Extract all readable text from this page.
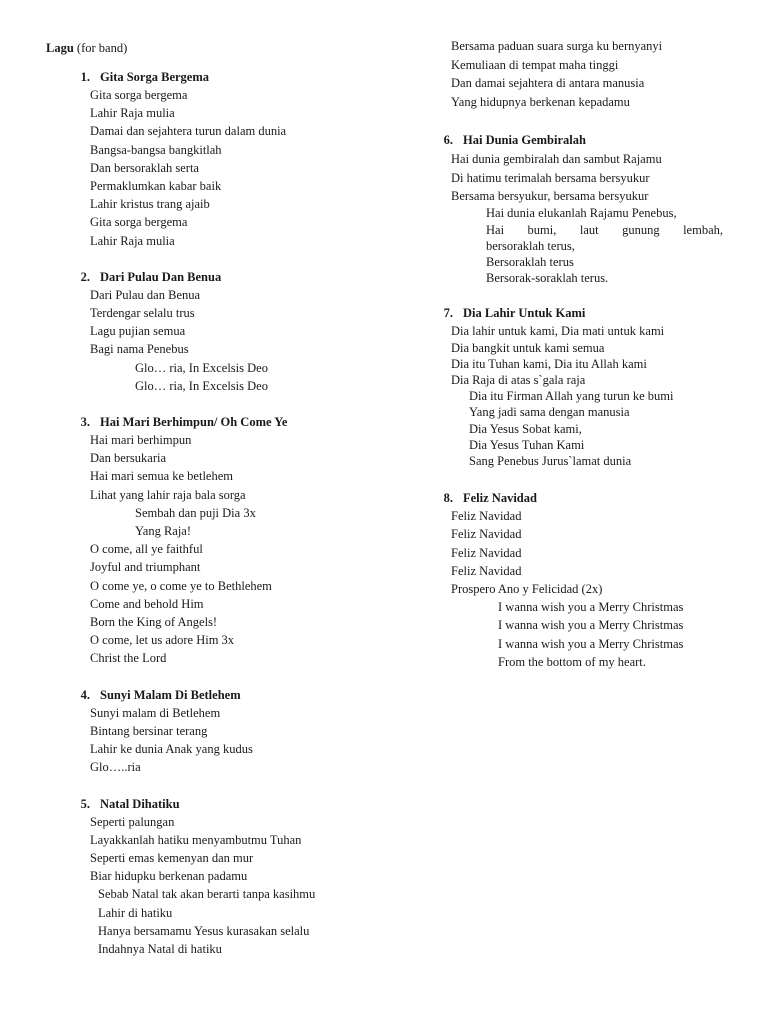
Lagu (for band)
1. Gita Sorga Bergema
Gita sorga bergema
Lahir Raja mulia
Damai dan sejahtera turun dalam dunia
Bangsa-bangsa bangkitlah
Dan bersoraklah serta
Permaklumkan kabar baik
Lahir kristus trang ajaib
Gita sorga bergema
Lahir Raja mulia
2. Dari Pulau Dan Benua
Dari Pulau dan Benua
Terdengar selalu trus
Lagu pujian semua
Bagi nama Penebus
Glo… ria, In Excelsis Deo
Glo… ria, In Excelsis Deo
3. Hai Mari Berhimpun/ Oh Come Ye
Hai mari berhimpun
Dan bersukaria
Hai mari semua ke betlehem
Lihat yang lahir raja bala sorga
Sembah dan puji Dia 3x
Yang Raja!
O come, all ye faithful
Joyful and triumphant
O come ye, o come ye to Bethlehem
Come and behold Him
Born the King of Angels!
O come, let us adore Him 3x
Christ the Lord
4. Sunyi Malam Di Betlehem
Sunyi malam di Betlehem
Bintang bersinar terang
Lahir ke dunia Anak yang kudus
Glo…..ria
5. Natal Dihatiku
Seperti palungan
Layakkanlah hatiku menyambutmu Tuhan
Seperti emas kemenyan dan mur
Biar hidupku berkenan padamu
Sebab Natal tak akan berarti tanpa kasihmu
Lahir di hatiku
Hanya bersamamu Yesus kurasakan selalu
Indahnya Natal di hatiku
Bersama paduan suara surga ku bernyanyi
Kemuliaan di tempat maha tinggi
Dan damai sejahtera di antara manusia
Yang hidupnya berkenan kepadamu
6. Hai Dunia Gembiralah
Hai dunia gembiralah dan sambut Rajamu
Di hatimu terimalah bersama bersyukur
Bersama bersyukur, bersama bersyukur
Hai dunia elukanlah Rajamu Penebus,
Hai bumi, laut gunung lembah,
bersoraklah terus,
Bersoraklah terus
Bersorak-soraklah terus.
7. Dia Lahir Untuk Kami
Dia lahir untuk kami, Dia mati untuk kami
Dia bangkit untuk kami semua
Dia itu Tuhan kami, Dia itu Allah kami
Dia Raja di atas s`gala raja
Dia itu Firman Allah yang turun ke bumi
Yang jadi sama dengan manusia
Dia Yesus Sobat kami,
Dia Yesus Tuhan Kami
Sang Penebus Jurus`lamat dunia
8. Feliz Navidad
Feliz Navidad
Feliz Navidad
Feliz Navidad
Feliz Navidad
Prospero Ano y Felicidad (2x)
I wanna wish you a Merry Christmas
I wanna wish you a Merry Christmas
I wanna wish you a Merry Christmas
From the bottom of my heart.
